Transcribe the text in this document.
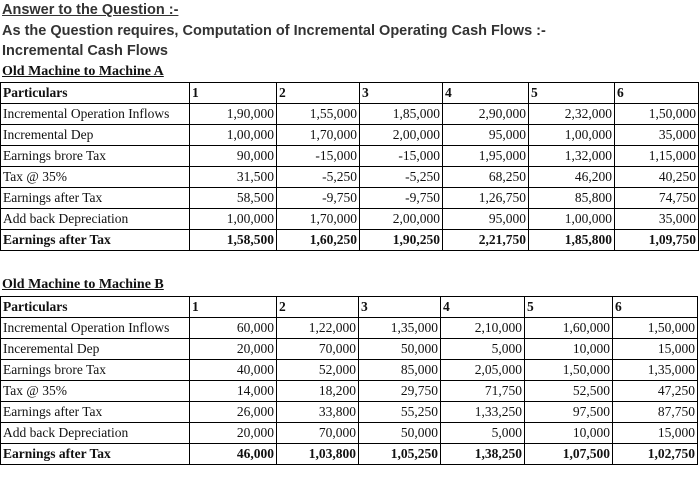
Answer to the Question :-
As the Question requires, Computation of Incremental Operating Cash Flows :-
Incremental Cash Flows
Old Machine to Machine A
Particulars	1	2	3	4	5	6
Incremental Operation Inflows	1,90,000	1,55,000	1,85,000	2,90,000	2,32,000	1,50,000
Incremental Dep	1,00,000	1,70,000	2,00,000	95,000	1,00,000	35,000
Earnings brore Tax	90,000	-15,000	-15,000	1,95,000	1,32,000	1,15,000
Tax @ 35%	31,500	-5,250	-5,250	68,250	46,200	40,250
Earnings after Tax	58,500	-9,750	-9,750	1,26,750	85,800	74,750
Add back Depreciation	1,00,000	1,70,000	2,00,000	95,000	1,00,000	35,000
Earnings after Tax	1,58,500	1,60,250	1,90,250	2,21,750	1,85,800	1,09,750
Old Machine to Machine B
Particulars	1	2	3	4	5	6
Incremental Operation Inflows	60,000	1,22,000	1,35,000	2,10,000	1,60,000	1,50,000
Inceremental Dep	20,000	70,000	50,000	5,000	10,000	15,000
Earnings brore Tax	40,000	52,000	85,000	2,05,000	1,50,000	1,35,000
Tax @ 35%	14,000	18,200	29,750	71,750	52,500	47,250
Earnings after Tax	26,000	33,800	55,250	1,33,250	97,500	87,750
Add back Depreciation	20,000	70,000	50,000	5,000	10,000	15,000
Earnings after Tax	46,000	1,03,800	1,05,250	1,38,250	1,07,500	1,02,750
